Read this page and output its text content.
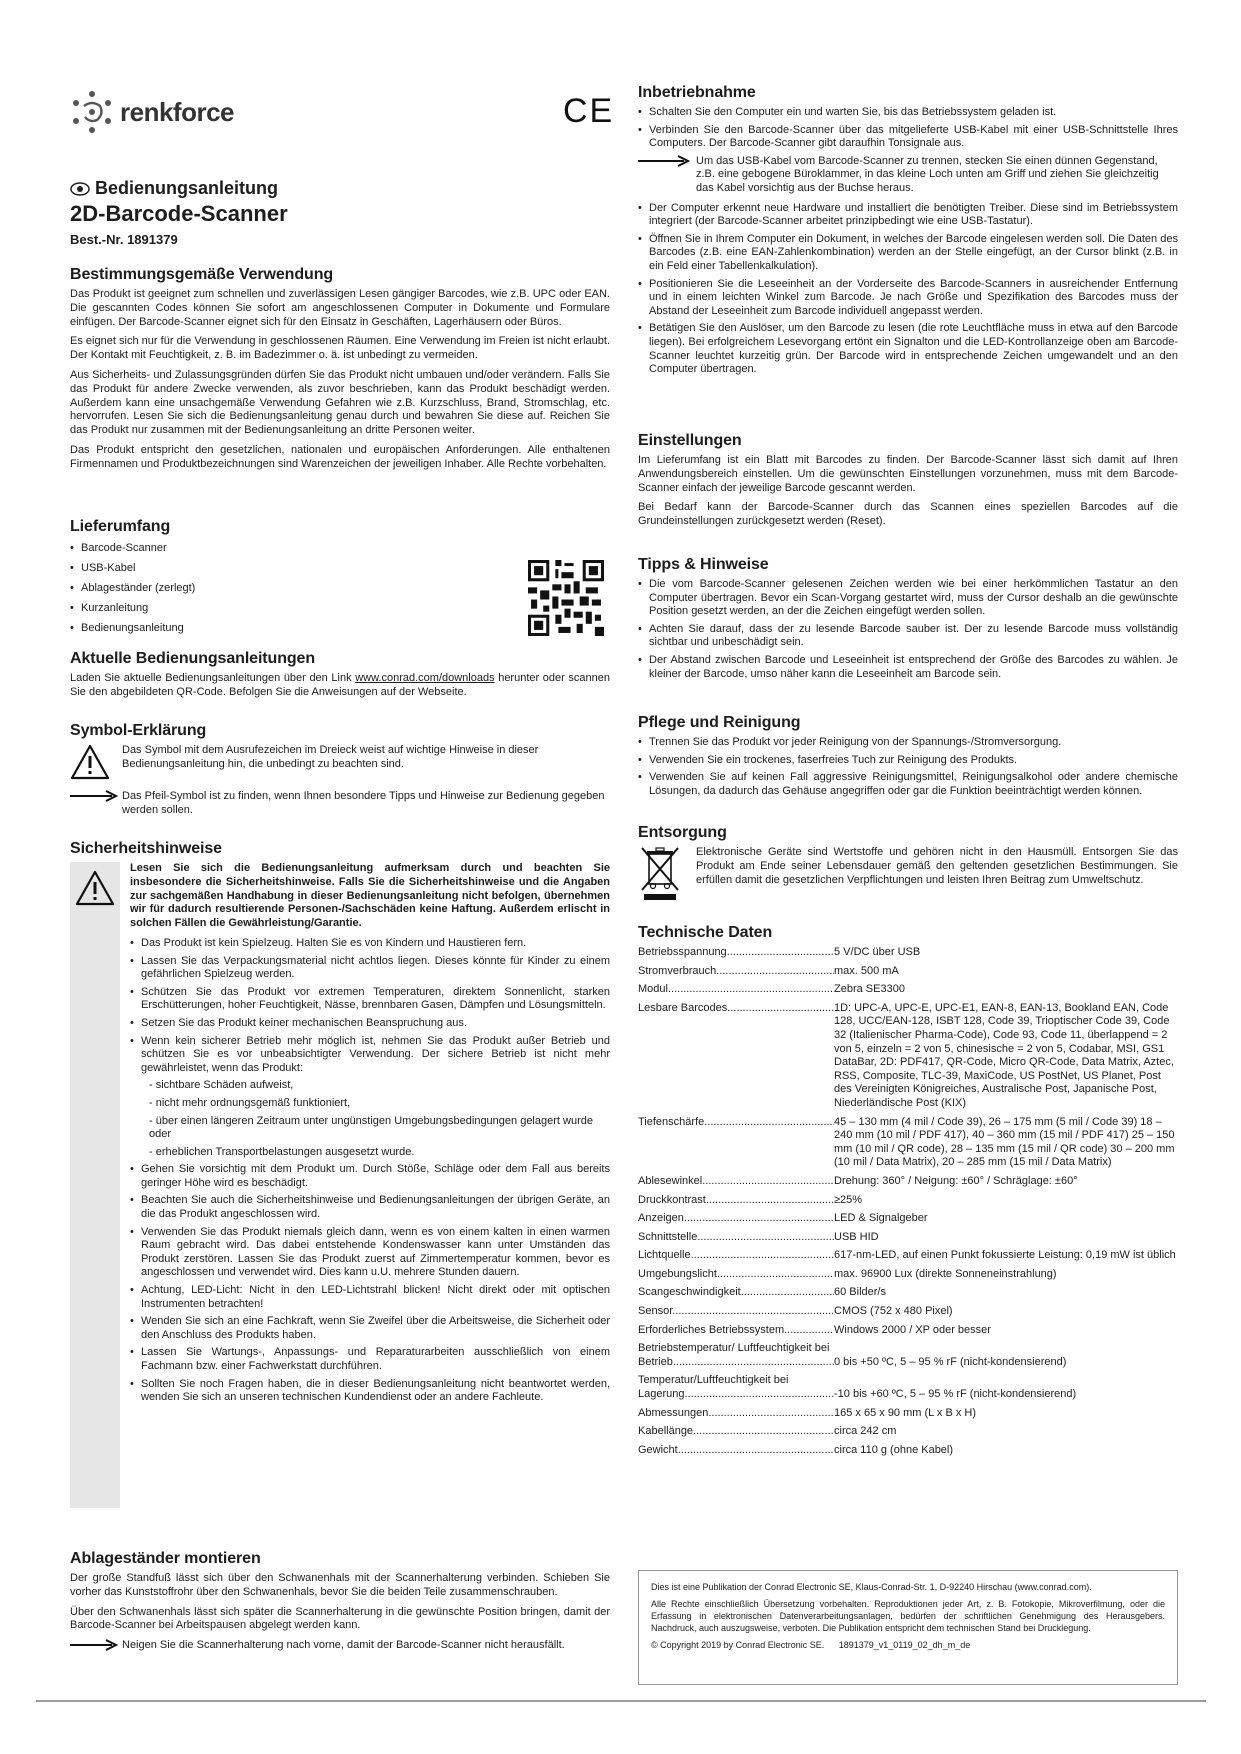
renkforce	CE
Bedienungsanleitung
2D-Barcode-Scanner
Best.-Nr. 1891379
Bestimmungsgemäße Verwendung

Das Produkt ist geeignet zum schnellen und zuverlässigen Lesen gängiger Barcodes, wie z.B. UPC oder EAN. Die gescannten Codes können Sie sofort am angeschlossenen Computer in Dokumente und Formulare einfügen. Der Barcode-Scanner eignet sich für den Einsatz in Geschäften, Lagerhäusern oder Büros.

Es eignet sich nur für die Verwendung in geschlossenen Räumen. Eine Verwendung im Freien ist nicht erlaubt. Der Kontakt mit Feuchtigkeit, z. B. im Badezimmer o. ä. ist unbedingt zu vermeiden.

Aus Sicherheits- und Zulassungsgründen dürfen Sie das Produkt nicht umbauen und/oder verändern. Falls Sie das Produkt für andere Zwecke verwenden, als zuvor beschrieben, kann das Produkt beschädigt werden. Außerdem kann eine unsachgemäße Verwendung Gefahren wie z.B. Kurzschluss, Brand, Stromschlag, etc. hervorrufen. Lesen Sie sich die Bedienungsanleitung genau durch und bewahren Sie diese auf. Reichen Sie das Produkt nur zusammen mit der Bedienungsanleitung an dritte Personen weiter.

Das Produkt entspricht den gesetzlichen, nationalen und europäischen Anforderungen. Alle enthaltenen Firmennamen und Produktbezeichnungen sind Warenzeichen der jeweiligen Inhaber. Alle Rechte vorbehalten.

Lieferumfang
• Barcode-Scanner
• USB-Kabel
• Ablageständer (zerlegt)
• Kurzanleitung
• Bedienungsanleitung
Aktuelle Bedienungsanleitungen

Laden Sie aktuelle Bedienungsanleitungen über den Link www.conrad.com/downloads herunter oder scannen Sie den abgebildeten QR-Code. Befolgen Sie die Anweisungen auf der Webseite.

Symbol-Erklärung
Das Symbol mit dem Ausrufezeichen im Dreieck weist auf wichtige Hinweise in dieser Bedienungsanleitung hin, die unbedingt zu beachten sind.
Das Pfeil-Symbol ist zu finden, wenn Ihnen besondere Tipps und Hinweise zur Bedienung gegeben werden sollen.
Sicherheitshinweise

Lesen Sie sich die Bedienungsanleitung aufmerksam durch und beachten Sie insbesondere die Sicherheitshinweise. Falls Sie die Sicherheitshinweise und die Angaben zur sachgemäßen Handhabung in dieser Bedienungsanleitung nicht befolgen, übernehmen wir für dadurch resultierende Personen-/Sachschäden keine Haftung. Außerdem erlischt in solchen Fällen die Gewährleistung/Garantie.

• Das Produkt ist kein Spielzeug. Halten Sie es von Kindern und Haustieren fern.
• Lassen Sie das Verpackungsmaterial nicht achtlos liegen. Dieses könnte für Kinder zu einem gefährlichen Spielzeug werden.
• Schützen Sie das Produkt vor extremen Temperaturen, direktem Sonnenlicht, starken Erschütterungen, hoher Feuchtigkeit, Nässe, brennbaren Gasen, Dämpfen und Lösungsmitteln.
• Setzen Sie das Produkt keiner mechanischen Beanspruchung aus.
• Wenn kein sicherer Betrieb mehr möglich ist, nehmen Sie das Produkt außer Betrieb und schützen Sie es vor unbeabsichtigter Verwendung. Der sichere Betrieb ist nicht mehr gewährleistet, wenn das Produkt:
- sichtbare Schäden aufweist,
- nicht mehr ordnungsgemäß funktioniert,
- über einen längeren Zeitraum unter ungünstigen Umgebungsbedingungen gelagert wurde oder
- erheblichen Transportbelastungen ausgesetzt wurde.
• Gehen Sie vorsichtig mit dem Produkt um. Durch Stöße, Schläge oder dem Fall aus bereits geringer Höhe wird es beschädigt.
• Beachten Sie auch die Sicherheitshinweise und Bedienungsanleitungen der übrigen Geräte, an die das Produkt angeschlossen wird.
• Verwenden Sie das Produkt niemals gleich dann, wenn es von einem kalten in einen warmen Raum gebracht wird. Das dabei entstehende Kondenswasser kann unter Umständen das Produkt zerstören. Lassen Sie das Produkt zuerst auf Zimmertemperatur kommen, bevor es angeschlossen und verwendet wird. Dies kann u.U. mehrere Stunden dauern.
• Achtung, LED-Licht: Nicht in den LED-Lichtstrahl blicken! Nicht direkt oder mit optischen Instrumenten betrachten!
• Wenden Sie sich an eine Fachkraft, wenn Sie Zweifel über die Arbeitsweise, die Sicherheit oder den Anschluss des Produkts haben.
• Lassen Sie Wartungs-, Anpassungs- und Reparaturarbeiten ausschließlich von einem Fachmann bzw. einer Fachwerkstatt durchführen.
• Sollten Sie noch Fragen haben, die in dieser Bedienungsanleitung nicht beantwortet werden, wenden Sie sich an unseren technischen Kundendienst oder an andere Fachleute.
Ablageständer montieren

Der große Standfuß lässt sich über den Schwanenhals mit der Scannerhalterung verbinden. Schieben Sie vorher das Kunststoffrohr über den Schwanenhals, bevor Sie die beiden Teile zusammenschrauben.

Über den Schwanenhals lässt sich später die Scannerhalterung in die gewünschte Position bringen, damit der Barcode-Scanner bei Arbeitspausen abgelegt werden kann.

Neigen Sie die Scannerhalterung nach vorne, damit der Barcode-Scanner nicht herausfällt.
Inbetriebnahme
• Schalten Sie den Computer ein und warten Sie, bis das Betriebssystem geladen ist.
• Verbinden Sie den Barcode-Scanner über das mitgelieferte USB-Kabel mit einer USB-Schnittstelle Ihres Computers. Der Barcode-Scanner gibt daraufhin Tonsignale aus.
Um das USB-Kabel vom Barcode-Scanner zu trennen, stecken Sie einen dünnen Gegenstand, z.B. eine gebogene Büroklammer, in das kleine Loch unten am Griff und ziehen Sie gleichzeitig das Kabel vorsichtig aus der Buchse heraus.
• Der Computer erkennt neue Hardware und installiert die benötigten Treiber. Diese sind im Betriebssystem integriert (der Barcode-Scanner arbeitet prinzipbedingt wie eine USB-Tastatur).
• Öffnen Sie in Ihrem Computer ein Dokument, in welches der Barcode eingelesen werden soll. Die Daten des Barcodes (z.B. eine EAN-Zahlenkombination) werden an der Stelle eingefügt, an der Cursor blinkt (z.B. in ein Feld einer Tabellenkalkulation).
• Positionieren Sie die Leseeinheit an der Vorderseite des Barcode-Scanners in ausreichender Entfernung und in einem leichten Winkel zum Barcode. Je nach Größe und Spezifikation des Barcodes muss der Abstand der Leseeinheit zum Barcode individuell angepasst werden.
• Betätigen Sie den Auslöser, um den Barcode zu lesen (die rote Leuchtfläche muss in etwa auf den Barcode liegen). Bei erfolgreichem Lesevorgang ertönt ein Signalton und die LED-Kontrollanzeige oben am Barcode-Scanner leuchtet kurzeitig grün. Der Barcode wird in entsprechende Zeichen umgewandelt und an den Computer übertragen.
Einstellungen

Im Lieferumfang ist ein Blatt mit Barcodes zu finden. Der Barcode-Scanner lässt sich damit auf Ihren Anwendungsbereich einstellen. Um die gewünschten Einstellungen vorzunehmen, muss mit dem Barcode-Scanner einfach der jeweilige Barcode gescannt werden.

Bei Bedarf kann der Barcode-Scanner durch das Scannen eines speziellen Barcodes auf die Grundeinstellungen zurückgesetzt werden (Reset).

Tipps & Hinweise
• Die vom Barcode-Scanner gelesenen Zeichen werden wie bei einer herkömmlichen Tastatur an den Computer übertragen. Bevor ein Scan-Vorgang gestartet wird, muss der Cursor deshalb an die gewünschte Position gesetzt werden, an der die Zeichen eingefügt werden sollen.
• Achten Sie darauf, dass der zu lesende Barcode sauber ist. Der zu lesende Barcode muss vollständig sichtbar und unbeschädigt sein.
• Der Abstand zwischen Barcode und Leseeinheit ist entsprechend der Größe des Barcodes zu wählen. Je kleiner der Barcode, umso näher kann die Leseeinheit am Barcode sein.
Pflege und Reinigung
• Trennen Sie das Produkt vor jeder Reinigung von der Spannungs-/Stromversorgung.
• Verwenden Sie ein trockenes, faserfreies Tuch zur Reinigung des Produkts.
• Verwenden Sie auf keinen Fall aggressive Reinigungsmittel, Reinigungsalkohol oder andere chemische Lösungen, da dadurch das Gehäuse angegriffen oder gar die Funktion beeinträchtigt werden können.
Entsorgung

Elektronische Geräte sind Wertstoffe und gehören nicht in den Hausmüll. Entsorgen Sie das Produkt am Ende seiner Lebensdauer gemäß den geltenden gesetzlichen Bestimmungen. Sie erfüllen damit die gesetzlichen Verpflichtungen und leisten Ihren Beitrag zum Umweltschutz.

Technische Daten
Betriebsspannung .....	5 V/DC über USB
Stromverbrauch .....	max. 500 mA
Modul .....	Zebra SE3300
Lesbare Barcodes .....	1D: UPC-A, UPC-E, UPC-E1, EAN-8, EAN-13, Bookland EAN, Code 128, UCC/EAN-128, ISBT 128, Code 39, Trioptischer Code 39, Code 32 (Italienischer Pharma-Code), Code 93, Code 11, überlappend = 2 von 5, einzeln = 2 von 5, chinesische = 2 von 5, Codabar, MSI, GS1 DataBar, 2D: PDF417, QR-Code, Micro QR-Code, Data Matrix, Aztec, RSS, Composite, TLC-39, MaxiCode, US PostNet, US Planet, Post des Vereinigten Königreiches, Australische Post, Japanische Post, Niederländische Post (KIX)
Tiefenschärfe .....	45 – 130 mm (4 mil / Code 39), 26 – 175 mm (5 mil / Code 39) 18 – 240 mm (10 mil / PDF 417), 40 – 360 mm (15 mil / PDF 417) 25 – 150 mm (10 mil / QR code), 28 – 135 mm (15 mil / QR code) 30 – 200 mm (10 mil / Data Matrix), 20 – 285 mm (15 mil / Data Matrix)
Ablesewinkel .....	Drehung: 360° / Neigung: ±60° / Schräglage: ±60°
Druckkontrast .....	≥25%
Anzeigen .....	LED & Signalgeber
Schnittstelle .....	USB HID
Lichtquelle .....	617-nm-LED, auf einen Punkt fokussierte Leistung: 0,19 mW ist üblich
Umgebungslicht .....	max. 96900 Lux (direkte Sonneneinstrahlung)
Scangeschwindigkeit .....	60 Bilder/s
Sensor .....	CMOS (752 x 480 Pixel)
Erforderliches Betriebssystem .....	Windows 2000 / XP oder besser
Betriebstemperatur/ Luftfeuchtigkeit bei Betrieb .....	0 bis +50 ºC, 5 – 95 % rF (nicht-kondensierend)
Temperatur/Luftfeuchtigkeit bei Lagerung .....	-10 bis +60 ºC, 5 – 95 % rF (nicht-kondensierend)
Abmessungen .....	165 x 65 x 90 mm (L x B x H)
Kabellänge .....	circa 242 cm
Gewicht .....	circa 110 g (ohne Kabel)

Dies ist eine Publikation der Conrad Electronic SE, Klaus-Conrad-Str. 1, D-92240 Hirschau (www.conrad.com).

Alle Rechte einschließlich Übersetzung vorbehalten. Reproduktionen jeder Art, z. B. Fotokopie, Mikroverfilmung, oder die Erfassung in elektronischen Datenverarbeitungsanlagen, bedürfen der schriftlichen Genehmigung des Herausgebers. Nachdruck, auch auszugsweise, verboten. Die Publikation entspricht dem technischen Stand bei Drucklegung.

© Copyright 2019 by Conrad Electronic SE. 1891379_v1_0119_02_dh_m_de
